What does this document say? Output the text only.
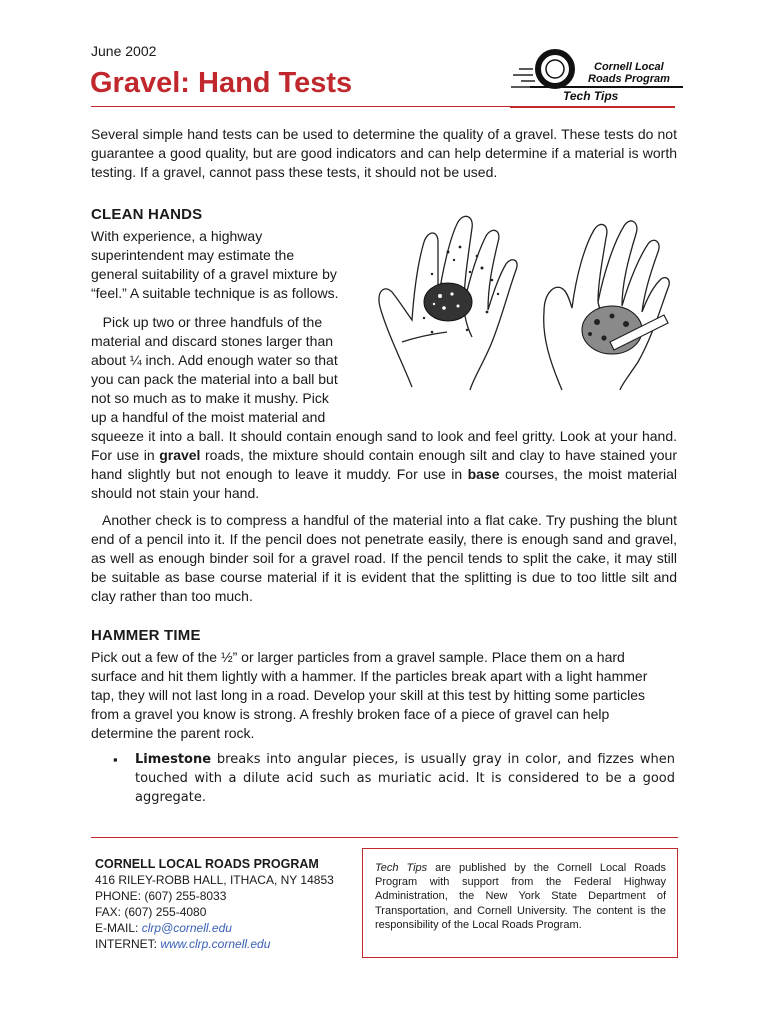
June 2002
Gravel: Hand Tests	Cornell Local
Roads Program
Tech Tips

Several simple hand tests can be used to determine the quality of a gravel. These tests do not guarantee a good quality, but are good indicators and can help determine if a material is worth testing. If a gravel, cannot pass these tests, it should not be used.

CLEAN HANDS
With experience, a highway
superintendent may estimate the
general suitability of a gravel mixture by
“feel.” A suitable technique is as follows.
Pick up two or three handfuls of the
material and discard stones larger than
about ¼ inch. Add enough water so that
you can pack the material into a ball but
not so much as to make it mushy. Pick
up a handful of the moist material and

squeeze it into a ball. It should contain enough sand to look and feel gritty. Look at your hand. For use in gravel roads, the mixture should contain enough silt and clay to have stained your hand slightly but not enough to leave it muddy. For use in base courses, the moist material should not stain your hand.

Another check is to compress a handful of the material into a flat cake. Try pushing the blunt end of a pencil into it. If the pencil does not penetrate easily, there is enough sand and gravel, as well as enough binder soil for a gravel road. If the pencil tends to split the cake, it may still be suitable as base course material if it is evident that the splitting is due to too little silt and clay rather than too much.

HAMMER TIME

Pick out a few of the ½” or larger particles from a gravel sample. Place them on a hard surface and hit them lightly with a hammer. If the particles break apart with a light hammer tap, they will not last long in a road. Develop your skill at this test by hitting some particles from a gravel you know is strong. A freshly broken face of a piece of gravel can help determine the parent rock.

▪ Limestone breaks into angular pieces, is usually gray in color, and fizzes when touched with a dilute acid such as muriatic acid. It is considered to be a good aggregate.

CORNELL LOCAL ROADS PROGRAM
416 RILEY-ROBB HALL, ITHACA, NY 14853
PHONE: (607) 255-8033
FAX: (607) 255-4080
E-MAIL: clrp@cornell.edu
INTERNET: www.clrp.cornell.edu

Tech Tips are published by the Cornell Local Roads Program with support from the Federal Highway Administration, the New York State Department of Transportation, and Cornell University. The content is the responsibility of the Local Roads Program.
